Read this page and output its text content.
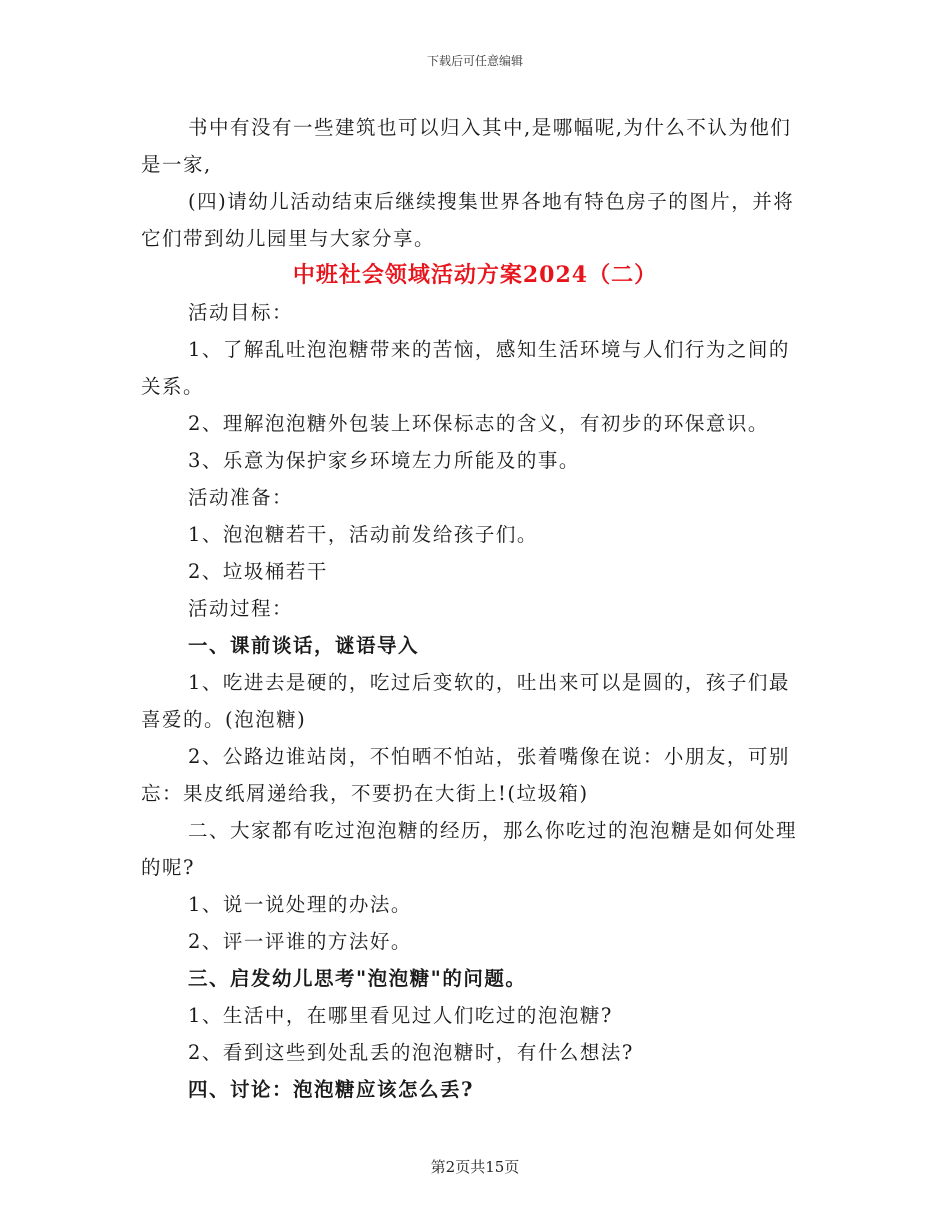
下载后可任意编辑

书中有没有一些建筑也可以归入其中,是哪幅呢,为什么不认为他们是一家,

(四)请幼儿活动结束后继续搜集世界各地有特色房子的图片，并将它们带到幼儿园里与大家分享。

中班社会领域活动方案2024（二）

活动目标：

1、了解乱吐泡泡糖带来的苦恼，感知生活环境与人们行为之间的关系。

2、理解泡泡糖外包装上环保标志的含义，有初步的环保意识。

3、乐意为保护家乡环境左力所能及的事。

活动准备：

1、泡泡糖若干，活动前发给孩子们。

2、垃圾桶若干

活动过程：

一、课前谈话，谜语导入

1、吃进去是硬的，吃过后变软的，吐出来可以是圆的，孩子们最喜爱的。(泡泡糖)

2、公路边谁站岗，不怕晒不怕站，张着嘴像在说：小朋友，可别忘：果皮纸屑递给我，不要扔在大街上!(垃圾箱)

二、大家都有吃过泡泡糖的经历，那么你吃过的泡泡糖是如何处理的呢?

1、说一说处理的办法。

2、评一评谁的方法好。

三、启发幼儿思考"泡泡糖"的问题。

1、生活中，在哪里看见过人们吃过的泡泡糖?

2、看到这些到处乱丢的泡泡糖时，有什么想法?

四、讨论：泡泡糖应该怎么丢?

第2页共15页
